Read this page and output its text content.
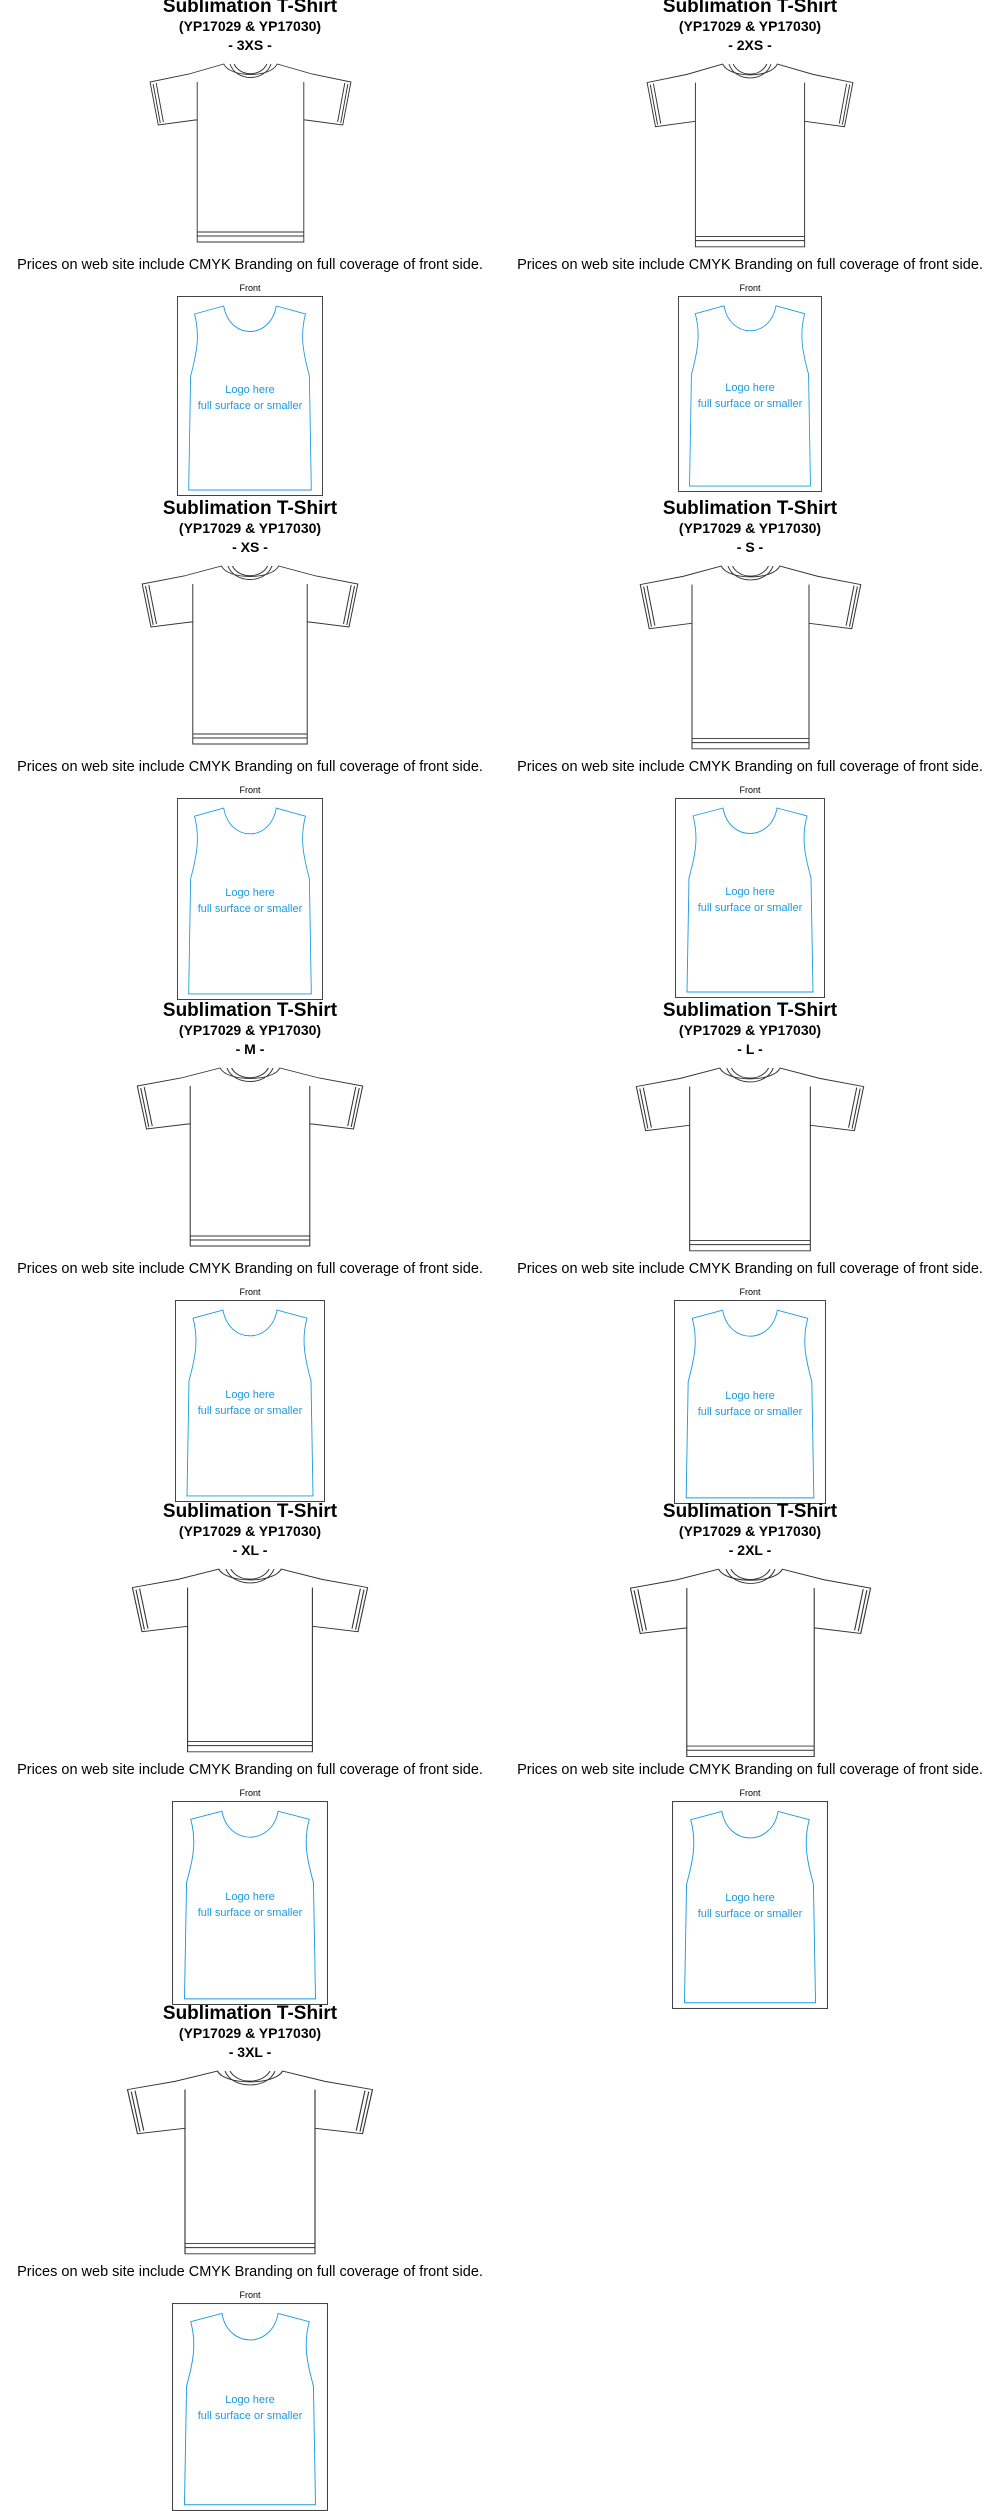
Sublimation T-Shirt
(YP17029 & YP17030)
- 3XS -
Prices on web site include CMYK Branding on full coverage of front side.
Front
Logo here
full surface or smaller
Sublimation T-Shirt
(YP17029 & YP17030)
- 2XS -
Prices on web site include CMYK Branding on full coverage of front side.
Front
Logo here
full surface or smaller
Sublimation T-Shirt
(YP17029 & YP17030)
- XS -
Prices on web site include CMYK Branding on full coverage of front side.
Front
Logo here
full surface or smaller
Sublimation T-Shirt
(YP17029 & YP17030)
- S -
Prices on web site include CMYK Branding on full coverage of front side.
Front
Logo here
full surface or smaller
Sublimation T-Shirt
(YP17029 & YP17030)
- M -
Prices on web site include CMYK Branding on full coverage of front side.
Front
Logo here
full surface or smaller
Sublimation T-Shirt
(YP17029 & YP17030)
- L -
Prices on web site include CMYK Branding on full coverage of front side.
Front
Logo here
full surface or smaller
Sublimation T-Shirt
(YP17029 & YP17030)
- XL -
Prices on web site include CMYK Branding on full coverage of front side.
Front
Logo here
full surface or smaller
Sublimation T-Shirt
(YP17029 & YP17030)
- 2XL -
Prices on web site include CMYK Branding on full coverage of front side.
Front
Logo here
full surface or smaller
Sublimation T-Shirt
(YP17029 & YP17030)
- 3XL -
Prices on web site include CMYK Branding on full coverage of front side.
Front
Logo here
full surface or smaller
